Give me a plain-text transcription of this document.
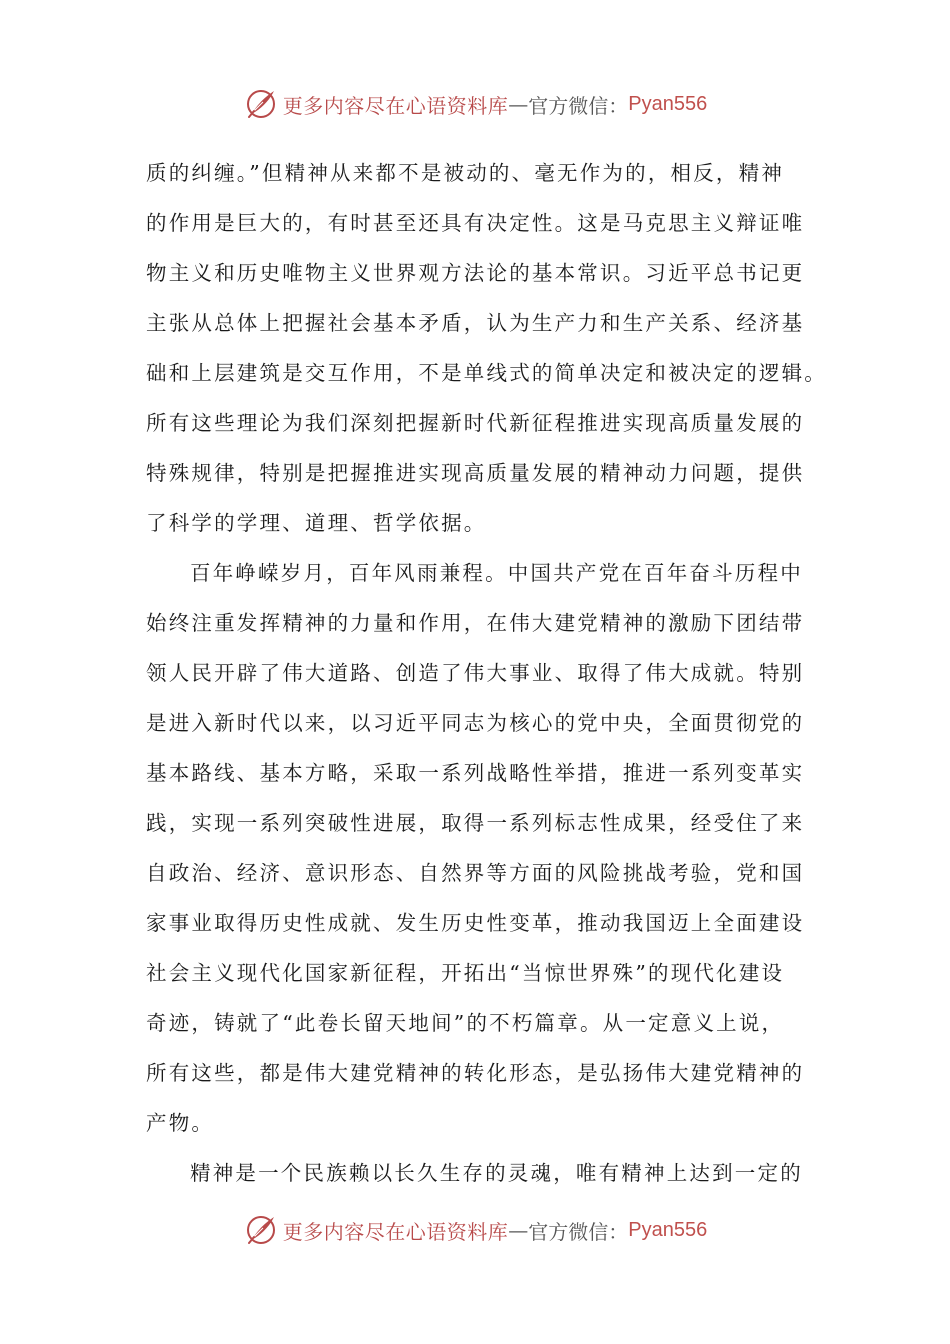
更多内容尽在心语资料库 — 官方微信： Pyan556
质的纠缠。”但精神从来都不是被动的、毫无作为的，相反，精神
的作用是巨大的，有时甚至还具有决定性。这是马克思主义辩证唯
物主义和历史唯物主义世界观方法论的基本常识。习近平总书记更
主张从总体上把握社会基本矛盾，认为生产力和生产关系、经济基
础和上层建筑是交互作用，不是单线式的简单决定和被决定的逻辑。
所有这些理论为我们深刻把握新时代新征程推进实现高质量发展的
特殊规律，特别是把握推进实现高质量发展的精神动力问题，提供
了科学的学理、道理、哲学依据。
百年峥嵘岁月，百年风雨兼程。中国共产党在百年奋斗历程中
始终注重发挥精神的力量和作用，在伟大建党精神的激励下团结带
领人民开辟了伟大道路、创造了伟大事业、取得了伟大成就。特别
是进入新时代以来，以习近平同志为核心的党中央，全面贯彻党的
基本路线、基本方略，采取一系列战略性举措，推进一系列变革实
践，实现一系列突破性进展，取得一系列标志性成果，经受住了来
自政治、经济、意识形态、自然界等方面的风险挑战考验，党和国
家事业取得历史性成就、发生历史性变革，推动我国迈上全面建设
社会主义现代化国家新征程，开拓出“当惊世界殊”的现代化建设
奇迹，铸就了“此卷长留天地间”的不朽篇章。从一定意义上说，
所有这些，都是伟大建党精神的转化形态，是弘扬伟大建党精神的
产物。
精神是一个民族赖以长久生存的灵魂，唯有精神上达到一定的
更多内容尽在心语资料库 — 官方微信： Pyan556
